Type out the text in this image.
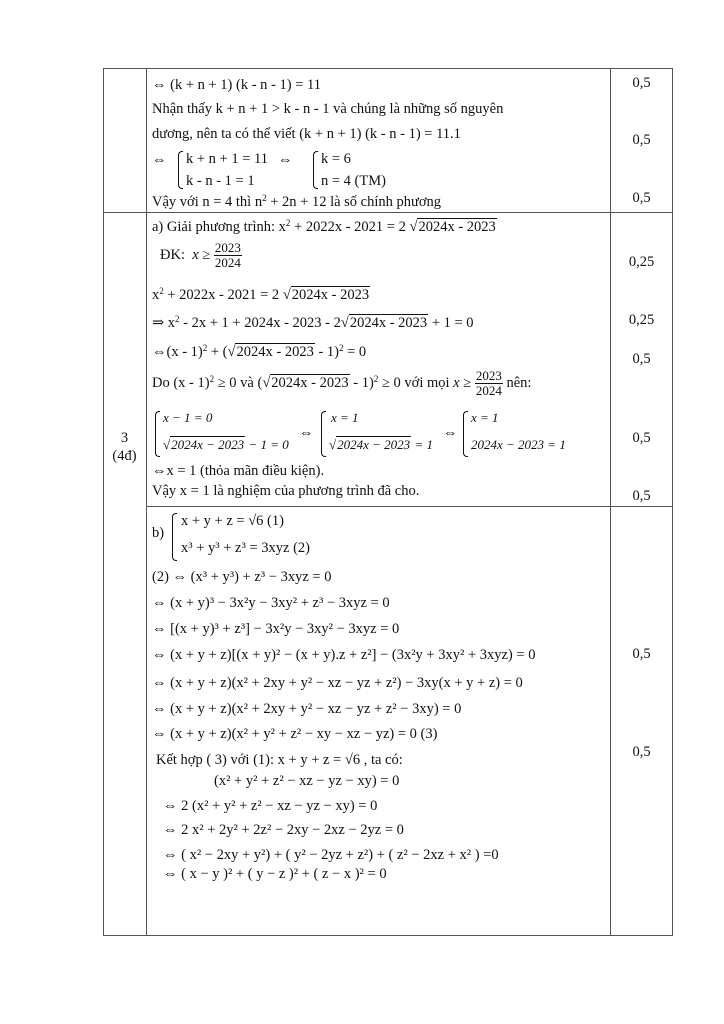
⇔ (k + n + 1) (k - n - 1) = 11
Nhận thấy k + n + 1 > k - n - 1 và chúng là những số nguyên
dương, nên ta có thể viết (k + n + 1) (k - n - 1) = 11.1
⇔ k + n + 1 = 11
k - n - 1 = 1
⇔ k = 6
n = 4 (TM)
Vậy với n = 4 thì $n^2 + 2n + 12$ là số chính phương
0,5
0,5
0,5
3
(4đ)
a) Giải phương trình: $x^2 + 2022x - 2021 = 2$ √2024x - 2023
ĐK: $x \ge \frac{2023}{2024}$
$x^2 + 2022x - 2021 = 2$ √2024x - 2023
⇒ $x^2 - 2x + 1 + 2024x - 2023 - 2√2024x - 2023 + 1 = 0$
⇔(x - 1)$^2$ + (√2024x - 2023 - 1)$^2$ = 0
Do (x - 1)$^2$ ≥ 0 và (√2024x - 2023 - 1)$^2$ ≥ 0 với mọi $x \ge \frac{2023}{2024}$ nên:
x − 1 = 0
√2024x − 2023 − 1 = 0
⇔
x = 1
√2024x − 2023 = 1
⇔
x = 1
2024x − 2023 = 1
⇔x = 1 (thỏa mãn điều kiện).
Vậy x = 1 là nghiệm của phương trình đã cho.
0,25
0,25
0,5
0,5
0,5
b)
x + y + z = √6 (1)
x³ + y³ + z³ = 3xyz (2)
(2) ⇔ (x³ + y³) + z³ − 3xyz = 0
⇔ (x + y)³ − 3x²y − 3xy² + z³ − 3xyz = 0
⇔ [(x + y)³ + z³] − 3x²y − 3xy² − 3xyz = 0
⇔ (x + y + z)[(x + y)² − (x + y).z + z²] − (3x²y + 3xy² + 3xyz) = 0
⇔ (x + y + z)(x² + 2xy + y² − xz − yz + z²) − 3xy(x + y + z) = 0
⇔ (x + y + z)(x² + 2xy + y² − xz − yz + z² − 3xy) = 0
⇔ (x + y + z)(x² + y² + z² − xy − xz − yz) = 0 (3)
Kết hợp ( 3) với (1): x + y + z = √6 , ta có:
(x² + y² + z² − xz − yz − xy) = 0
⇔ 2 (x² + y² + z² − xz − yz − xy) = 0
⇔ 2 x² + 2y² + 2z² − 2xy − 2xz − 2yz = 0
⇔ ( x² − 2xy + y²) + ( y² − 2yz + z²) + ( z² − 2xz + x² ) =0
⇔ ( x − y )² + ( y − z )² + ( z − x )² = 0
0,5
0,5
